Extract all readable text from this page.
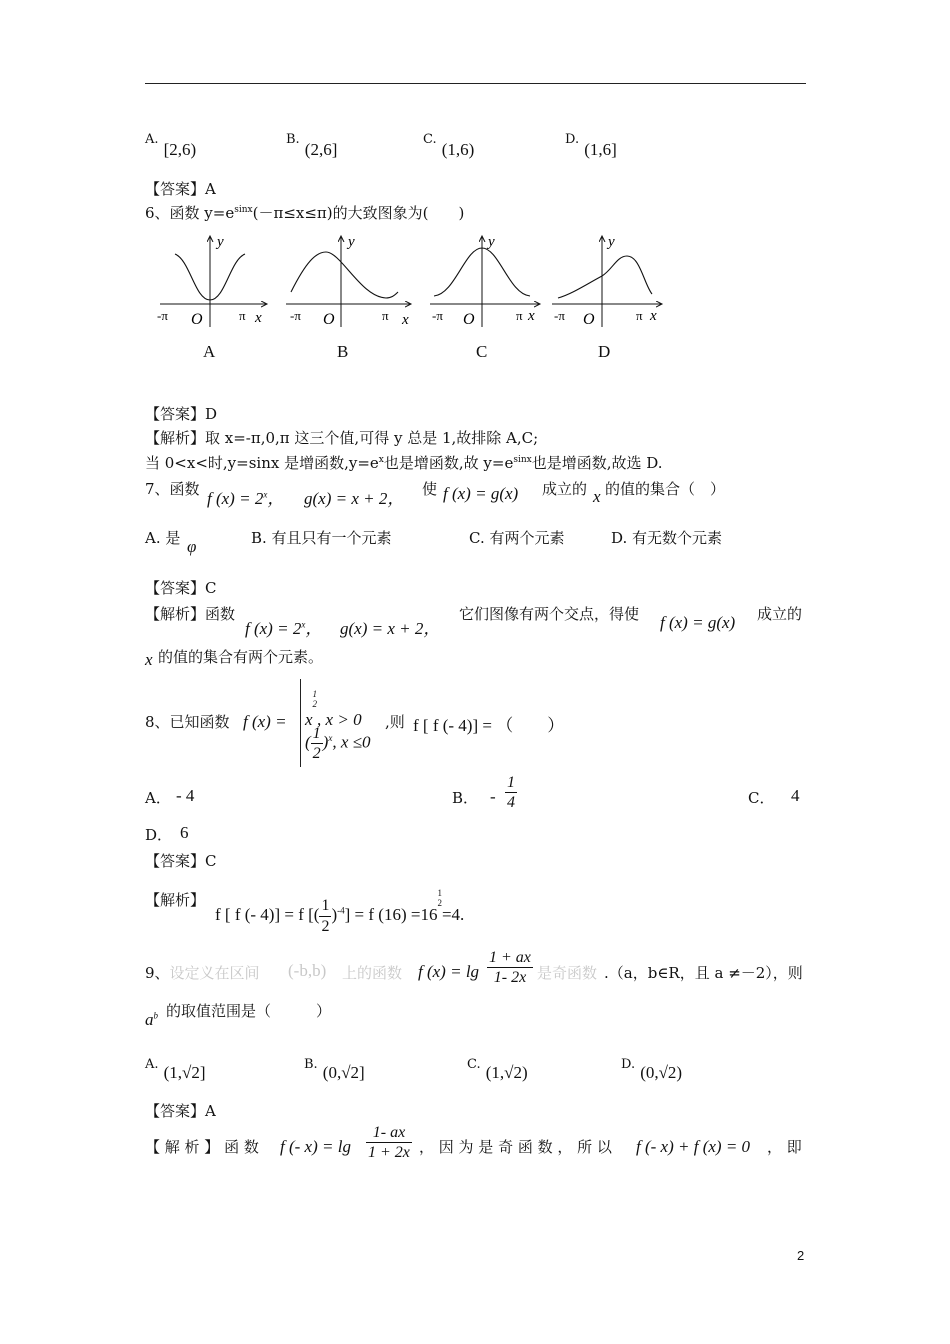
A. [2,6)
B. (2,6]
C. (1,6)
D. (1,6]
【答案】A
6、函数 $y=e^{sinx}(-\pi\le x\le\pi)$的大致图象为(　　)
y
x
O
-π	π
y
x
O
-π	π
y
x
O
-π	π
y
x
O
-π	π
A	B	C	D
【答案】D
【解析】取 x=-π,0,π 这三个值,可得 y 总是 1,故排除 A,C;
当 0<x<时,y=sinx 是增函数$,y=e^x$也是增函数,故 $y=e^{sinx}$也是增函数,故选 D.
7、函数 f $(x) = 2^x$， g(x) = x + 2， 使 f (x) = g(x) 成立的 x 的值的集合（　）
A. 是 φ	B. 有且只有一个元素	C. 有两个元素	D. 有无数个元素
【答案】C
【解析】函数
f $(x) = 2^x$， g(x) = x + 2，
它们图像有两个交点，得使 f (x) = g(x) 成立的
x 的值的集合有两个元素。
8、已知函数 f (x) = x
1
2
, x > 0
( $\frac{1}{2} )^x$, x ≤0
,则 f [ f (- 4)] = （　　）
A． - 4	B． - $\frac{1}{4}$	C． 4
D． 6
【答案】C
【解析】
f [ f (- 4)] = f [( $\frac{1}{2} )^{-4}] = f$ (16) =16
1
2
=4.
9、设定义在区间 (-b,b) 上的函数 f $(x) = \lg \frac{1 + ax}{1- 2x}$ 是奇函数 .（a，b∈R，且 a ≠－2），则
$a^b$ 的取值范围是（　　　）
A. (1,√2]	B. (0,√2]	C. (1,√2)	D. (0,√2)
【答案】A
【 解 析 】 函 数 f (- $x) = \lg \frac{1- ax}{1 + 2x}$ ， 因 为 是 奇 函 数 ， 所 以 f (- x) + f (x) = 0 ， 即
2
